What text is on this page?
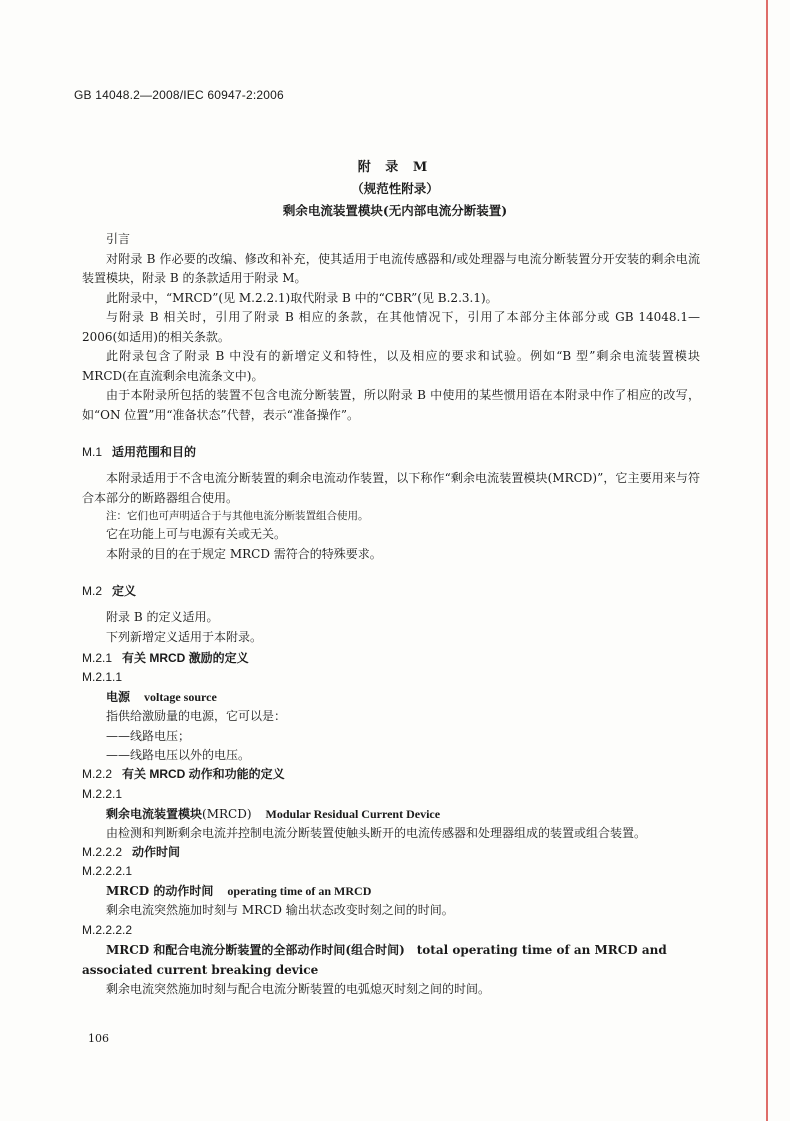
GB 14048.2—2008/IEC 60947-2:2006
附 录 M
（规范性附录）
剩余电流装置模块(无内部电流分断装置)

引言

对附录 B 作必要的改编、修改和补充，使其适用于电流传感器和/或处理器与电流分断装置分开安装的剩余电流装置模块，附录 B 的条款适用于附录 M。

此附录中，“MRCD”(见 M.2.2.1)取代附录 B 中的“CBR”(见 B.2.3.1)。

与附录 B 相关时，引用了附录 B 相应的条款，在其他情况下，引用了本部分主体部分或 GB 14048.1—2006(如适用)的相关条款。

此附录包含了附录 B 中没有的新增定义和特性，以及相应的要求和试验。例如“B 型”剩余电流装置模块 MRCD(在直流剩余电流条文中)。

由于本附录所包括的装置不包含电流分断装置，所以附录 B 中使用的某些惯用语在本附录中作了相应的改写，如“ON 位置”用“准备状态”代替，表示“准备操作”。

M.1 适用范围和目的

本附录适用于不含电流分断装置的剩余电流动作装置，以下称作“剩余电流装置模块(MRCD)”，它主要用来与符合本部分的断路器组合使用。

注：它们也可声明适合于与其他电流分断装置组合使用。

它在功能上可与电源有关或无关。

本附录的目的在于规定 MRCD 需符合的特殊要求。

M.2 定义

附录 B 的定义适用。

下列新增定义适用于本附录。

M.2.1 有关 MRCD 激励的定义

M.2.1.1

电源 voltage source

指供给激励量的电源，它可以是：

——线路电压；

——线路电压以外的电压。

M.2.2 有关 MRCD 动作和功能的定义

M.2.2.1

剩余电流装置模块(MRCD) Modular Residual Current Device

由检测和判断剩余电流并控制电流分断装置使触头断开的电流传感器和处理器组成的装置或组合装置。

M.2.2.2 动作时间

M.2.2.2.1

MRCD 的动作时间 operating time of an MRCD

剩余电流突然施加时刻与 MRCD 输出状态改变时刻之间的时间。

M.2.2.2.2

MRCD 和配合电流分断装置的全部动作时间(组合时间)　total operating time of an MRCD and

associated current breaking device

剩余电流突然施加时刻与配合电流分断装置的电弧熄灭时刻之间的时间。

106
